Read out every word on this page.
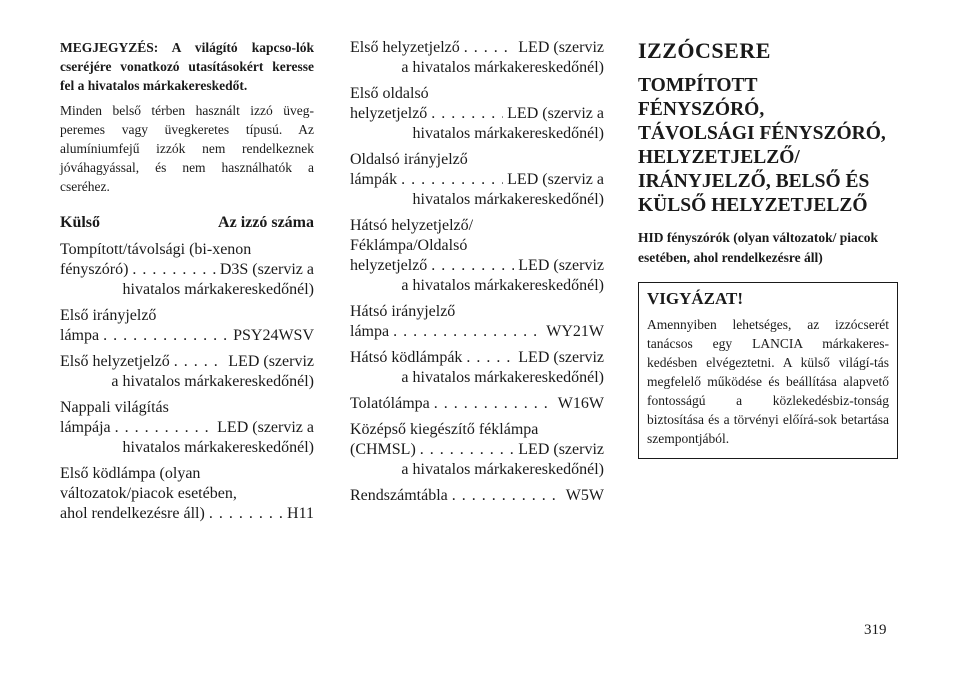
MEGJEGYZÉS: A világító kapcso-lók cseréjére vonatkozó utasításokért keresse fel a hivatalos márkakereskedőt.

Minden belső térben használt izzó üveg-peremes vagy üvegkeretes típusú. Az alumíniumfejű izzók nem rendelkeznek jóváhagyással, és nem használhatók a cseréhez.

Külső	Az izzó száma
Tompított/távolsági (bi-xenon
fényszóró) . . .	D3S (szerviz a
hivatalos márkakereskedőnél)
Első irányjelző
lámpa . . .	PSY24WSV
Első helyzetjelző . . .	LED (szerviz
a hivatalos márkakereskedőnél)
Nappali világítás
lámpája . . .	LED (szerviz a
hivatalos márkakereskedőnél)
Első ködlámpa (olyan
változatok/piacok esetében,
ahol rendelkezésre áll) . . .	H11
Első helyzetjelző . . .	LED (szerviz
a hivatalos márkakereskedőnél)
Első oldalsó
helyzetjelző . . .	LED (szerviz a
hivatalos márkakereskedőnél)
Oldalsó irányjelző
lámpák . . .	LED (szerviz a
hivatalos márkakereskedőnél)
Hátsó helyzetjelző/
Féklámpa/Oldalsó
helyzetjelző . . .	LED (szerviz
a hivatalos márkakereskedőnél)
Hátsó irányjelző
lámpa . . .	WY21W
Hátsó ködlámpák . . .	LED (szerviz
a hivatalos márkakereskedőnél)
Tolatólámpa . . .	W16W
Középső kiegészítő féklámpa
(CHMSL) . . .	LED (szerviz
a hivatalos márkakereskedőnél)
Rendszámtábla . . .	W5W
IZZÓCSERE
TOMPÍTOTT
FÉNYSZÓRÓ,
TÁVOLSÁGI FÉNYSZÓRÓ,
HELYZETJELZŐ/
IRÁNYJELZŐ, BELSŐ ÉS
KÜLSŐ HELYZETJELZŐ

HID fényszórók (olyan változatok/ piacok esetében, ahol rendelkezésre áll)

VIGYÁZAT!

Amennyiben lehetséges, az izzócserét tanácsos egy LANCIA márkakeres-kedésben elvégeztetni. A külső világí-tás megfelelő működése és beállítása alapvető fontosságú a közlekedésbiz-tonság biztosítása és a törvényi előírá-sok betartása szempontjából.

319
